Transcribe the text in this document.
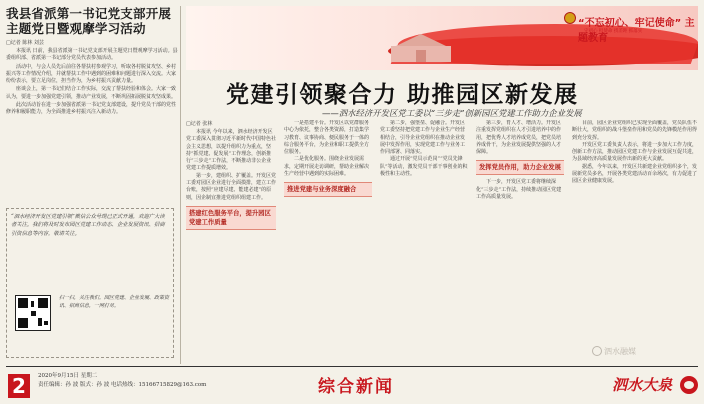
我县省派第一书记党支部开展
主题党日暨观摩学习活动
□记者 陈林 刘芸

本报讯 日前，我县省派第一书记党支部开展主题党日暨观摩学习活动。县委组织部、省派第一书记部分党员代表参加活动。

活动中，与会人员先后前往各帮扶村参观学习，听取各村脱贫攻坚、乡村振兴等工作情况介绍，并就帮扶工作中遇到的困难和问题进行深入交流。大家纷纷表示，要立足岗位，担当作为，为乡村振兴贡献力量。

座谈会上，第一书记们结合工作实际，交流了帮扶经验和体会。大家一致认为，要进一步加强党建引领，推动产业发展，不断巩固拓展脱贫攻坚成果。

此次活动旨在进一步加强省派第一书记党支部建设，提升党员干部的党性修养和履职能力，为全面推进乡村振兴注入新动力。

“泗水经济开发区党建引领”微信公众号现已正式开通，欢迎广大读者关注。我们将及时发布园区党建工作动态、企业发展资讯、招商引资信息等内容，敬请关注。
扫一扫，关注我们。园区党建、企业发展、政策资讯、招商信息，一网打尽。
“不忘初心、牢记使命” 主题教育
守初心 担使命 找差距 抓落实
党建引领聚合力 助推园区新发展
——泗水经济开发区党工委以“三步走”创新园区党建工作助力企业发展
□记者 张林

本报讯 今年以来，泗水经济开发区党工委深入贯彻习近平新时代中国特色社会主义思想，以提升组织力为重点，坚持“抓党建、促发展”工作理念，创新推行“三步走”工作法，不断推动非公企业党建工作提质增效。

第一步，建组织、扩覆盖。开发区党工委对园区企业进行全面摸排，建立工作台账，按照“应建尽建、能建必建”的原则，因企制宜推进党组织组建工作。

搭建红色服务平台，提升园区党建工作质量

一是搭建平台。开发区以党群服务中心为依托，整合各类资源，打造集学习教育、议事协商、便民服务于一体的综合服务平台，为企业和职工提供全方位服务。

二是优化服务。围绕企业发展需求，定期开展走访调研，帮助企业解决生产经营中遇到的实际困难。

推进党建与业务深度融合

第二步，强堡垒、促融合。开发区党工委坚持把党建工作与企业生产经营相结合，引导企业党组织在推动企业发展中发挥作用，实现党建工作与业务工作同部署、同落实。

通过开展“党员示范岗”“党员先锋队”等活动，激发党员干部干事创业的积极性和主动性。

第三步，育人才、增活力。开发区注重发挥党组织在人才引进培养中的作用，把优秀人才培养成党员，把党员培养成骨干，为企业发展提供坚强的人才保障。

发挥党员作用，助力企业发展

下一步，开发区党工委将继续深化“三步走”工作法，持续推动园区党建工作高质量发展。

目前，园区企业党组织已实现全面覆盖，党员队伍不断壮大，党组织的战斗堡垒作用和党员的先锋模范作用得到充分发挥。

开发区党工委负责人表示，将进一步加大工作力度，创新工作方法，推动园区党建工作与企业发展互促共进，为县域经济高质量发展作出新的更大贡献。

据悉，今年以来，开发区共新建企业党组织多个，发展新党员多名，开展各类党建活动百余场次，有力促进了园区企业健康发展。

泗水融媒
2	2020年9月15日 星期二
责任编辑：孙 波 版式：孙 波 电话热线：15166715829@163.com	综合新闻	泗水大泉
